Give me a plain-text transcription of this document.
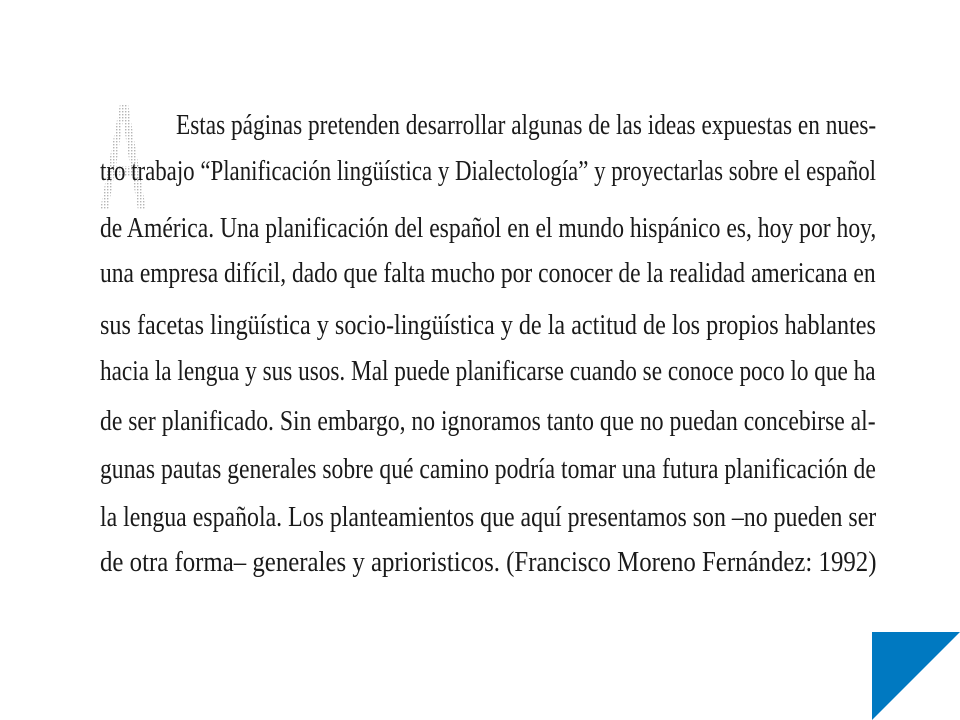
Estas páginas pretenden desarrollar algunas de las ideas expuestas en nues-
tro trabajo “Planificación lingüística y Dialectología” y proyectarlas sobre el español
de América. Una planificación del español en el mundo hispánico es, hoy por hoy,
una empresa difícil, dado que falta mucho por conocer de la realidad americana en
sus facetas lingüística y socio-lingüística y de la actitud de los propios hablantes
hacia la lengua y sus usos. Mal puede planificarse cuando se conoce poco lo que ha
de ser planificado. Sin embargo, no ignoramos tanto que no puedan concebirse al-
gunas pautas generales sobre qué camino podría tomar una futura planificación de
la lengua española. Los planteamientos que aquí presentamos son –no pueden ser
de otra forma– generales y aprioristicos. (Francisco Moreno Fernández: 1992)
